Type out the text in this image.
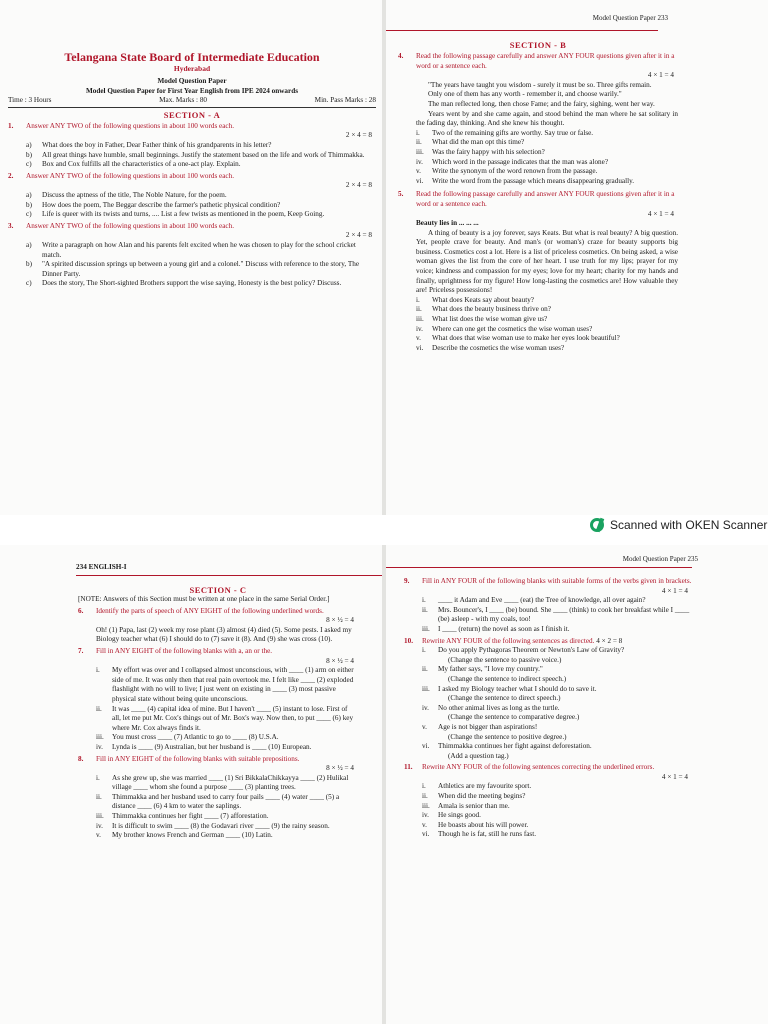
Telangana State Board of Intermediate Education
Hyderabad
Model Question Paper
Model Question Paper for First Year English from IPE 2024 onwards
Time : 3 Hours	Max. Marks : 80	Min. Pass Marks : 28
SECTION - A
1.	Answer ANY TWO of the following questions in about 100 words each.
2 × 4 = 8
a)	What does the boy in Father, Dear Father think of his grandparents in his letter?
b)	All great things have humble, small beginnings. Justify the statement based on the life and work of Thimmakka.
c)	Box and Cox fulfills all the characteristics of a one-act play. Explain.
2.	Answer ANY TWO of the following questions in about 100 words each.
2 × 4 = 8
a)	Discuss the aptness of the title, The Noble Nature, for the poem.
b)	How does the poem, The Beggar describe the farmer's pathetic physical condition?
c)	Life is queer with its twists and turns, .... List a few twists as mentioned in the poem, Keep Going.
3.	Answer ANY TWO of the following questions in about 100 words each.
2 × 4 = 8
a)	Write a paragraph on how Alan and his parents felt excited when he was chosen to play for the school cricket match.
b)	"A spirited discussion springs up between a young girl and a colonel." Discuss with reference to the story, The Dinner Party.
c)	Does the story, The Short-sighted Brothers support the wise saying, Honesty is the best policy? Discuss.
Model Question Paper 233
SECTION - B
4.	Read the following passage carefully and answer ANY FOUR questions given after it in a word or a sentence each.
4 × 1 = 4
"The years have taught you wisdom - surely it must be so. Three gifts remain.
Only one of them has any worth - remember it, and choose warily."
The man reflected long, then chose Fame; and the fairy, sighing, went her way.
Years went by and she came again, and stood behind the man where he sat solitary in the fading day, thinking. And she knew his thought.
i.	Two of the remaining gifts are worthy. Say true or false.
ii.	What did the man opt this time?
iii.	Was the fairy happy with his selection?
iv.	Which word in the passage indicates that the man was alone?
v.	Write the synonym of the word renown from the passage.
vi.	Write the word from the passage which means disappearing gradually.
5.	Read the following passage carefully and answer ANY FOUR questions given after it in a word or a sentence each.
4 × 1 = 4
Beauty lies in ... ... ...
A thing of beauty is a joy forever, says Keats. But what is real beauty? A big question. Yet, people crave for beauty. And man's (or woman's) craze for beauty supports big business. Cosmetics cost a lot. Here is a list of priceless cosmetics. On being asked, a wise woman gives the list from the core of her heart. I use truth for my lips; prayer for my voice; kindness and compassion for my eyes; love for my heart; charity for my hands and finally, uprightness for my figure! How long-lasting the cosmetics are! How valuable they are! Priceless possessions!
i.	What does Keats say about beauty?
ii.	What does the beauty business thrive on?
iii.	What list does the wise woman give us?
iv.	Where can one get the cosmetics the wise woman uses?
v.	What does that wise woman use to make her eyes look beautiful?
vi.	Describe the cosmetics the wise woman uses?
Scanned with OKEN Scanner
234 ENGLISH-I
SECTION - C
[NOTE: Answers of this Section must be written at one place in the same Serial Order.]
6.	Identify the parts of speech of ANY EIGHT of the following underlined words.
8 × ½ = 4
Oh! (1) Papa, last (2) week my rose plant (3) almost (4) died (5). Some pests. I asked my Biology teacher what (6) I should do to (7) save it (8). And (9) she was cross (10).
7.	Fill in ANY EIGHT of the following blanks with a, an or the.
8 × ½ = 4
i.	My effort was over and I collapsed almost unconscious, with ____ (1) arm on either side of me. It was only then that real pain overtook me. I felt like ____ (2) exploded flashlight with no will to live; I just went on existing in ____ (3) most passive physical state without being quite unconscious.
ii.	It was ____ (4) capital idea of mine. But I haven't ____ (5) instant to lose. First of all, let me put Mr. Cox's things out of Mr. Box's way. Now then, to put ____ (6) key where Mr. Cox always finds it.
iii.	You must cross ____ (7) Atlantic to go to ____ (8) U.S.A.
iv.	Lynda is ____ (9) Australian, but her husband is ____ (10) European.
8.	Fill in ANY EIGHT of the following blanks with suitable prepositions.
8 × ½ = 4
i.	As she grew up, she was married ____ (1) Sri BikkalaChikkayya ____ (2) Hulikal village ____ whom she found a purpose ____ (3) planting trees.
ii.	Thimmakka and her husband used to carry four pails ____ (4) water ____ (5) a distance ____ (6) 4 km to water the saplings.
iii.	Thimmakka continues her fight ____ (7) afforestation.
iv.	It is difficult to swim ____ (8) the Godavari river ____ (9) the rainy season.
v.	My brother knows French and German ____ (10) Latin.
Model Question Paper 235
9.	Fill in ANY FOUR of the following blanks with suitable forms of the verbs given in brackets.
4 × 1 = 4
i.	____ it Adam and Eve ____ (eat) the Tree of knowledge, all over again?
ii.	Mrs. Bouncer's, I ____ (be) bound. She ____ (think) to cook her breakfast while I ____ (be) asleep - with my coals, too!
iii.	I ____ (return) the novel as soon as I finish it.
10.	Rewrite ANY FOUR of the following sentences as directed. 4 × 2 = 8
i.	Do you apply Pythagoras Theorem or Newton's Law of Gravity?
(Change the sentence to passive voice.)
ii.	My father says, "I love my country."
(Change the sentence to indirect speech.)
iii.	I asked my Biology teacher what I should do to save it.
(Change the sentence to direct speech.)
iv.	No other animal lives as long as the turtle.
(Change the sentence to comparative degree.)
v.	Age is not bigger than aspirations!
(Change the sentence to positive degree.)
vi.	Thimmakka continues her fight against deforestation.
(Add a question tag.)
11.	Rewrite ANY FOUR of the following sentences correcting the underlined errors.
4 × 1 = 4
i.	Athletics are my favourite sport.
ii.	When did the meeting begins?
iii.	Amala is senior than me.
iv.	He sings good.
v.	He boasts about his will power.
vi.	Though he is fat, still he runs fast.
